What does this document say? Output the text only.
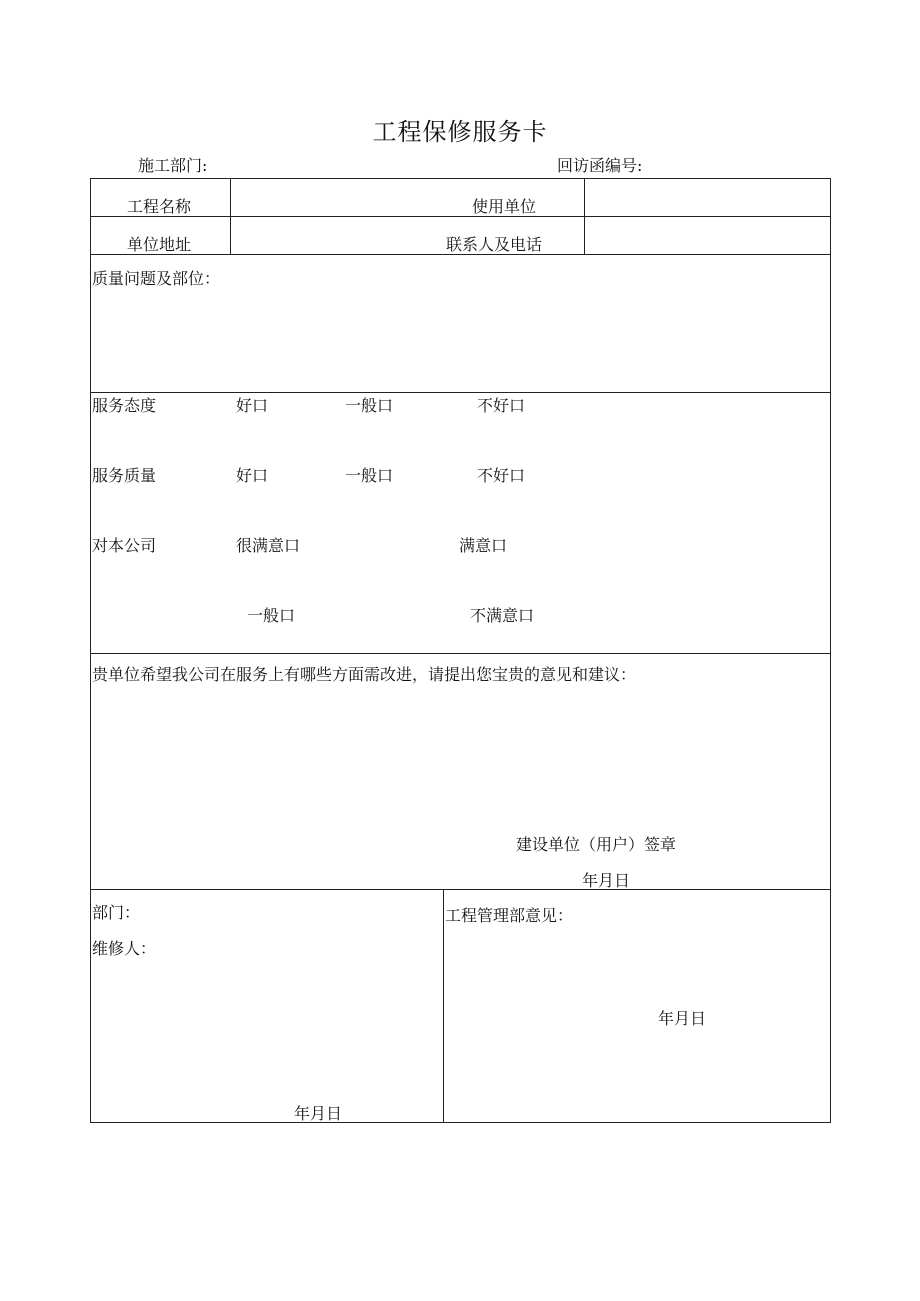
工程保修服务卡
施工部门:	回访函编号:
工程名称	使用单位
单位地址	联系人及电话
质量问题及部位：
服务态度	好口	一般口	不好口
服务质量	好口	一般口	不好口
对本公司	很满意口	满意口
一般口	不满意口
贵单位希望我公司在服务上有哪些方面需改进，请提出您宝贵的意见和建议：
建设单位（用户）签章
年月日
部门：
维修人：
年月日
工程管理部意见：
年月日
